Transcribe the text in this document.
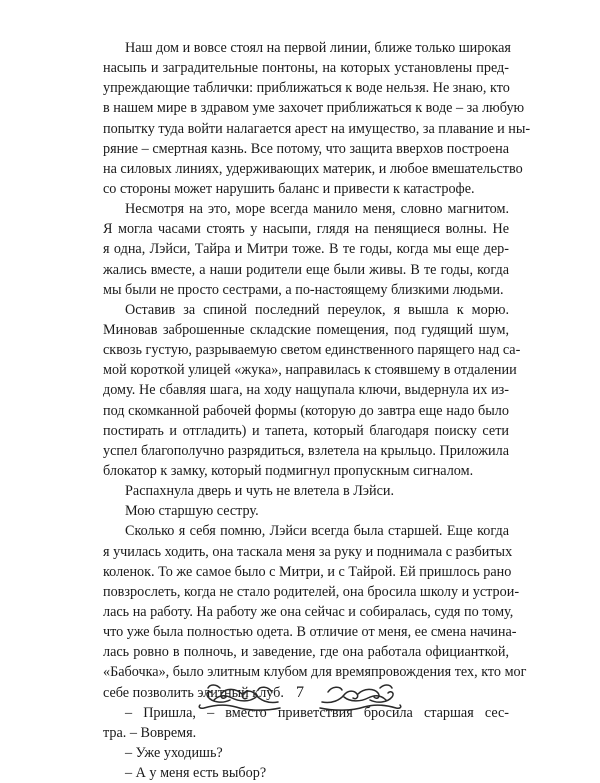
Наш дом и вовсе стоял на первой линии, ближе только широкая
насыпь и заградительные понтоны, на которых установлены пред-
упреждающие таблички: приближаться к воде нельзя. Не знаю, кто
в нашем мире в здравом уме захочет приближаться к воде – за любую
попытку туда войти налагается арест на имущество, за плавание и ны-
ряние – смертная казнь. Все потому, что защита вверхов построена
на силовых линиях, удерживающих материк, и любое вмешательство
со стороны может нарушить баланс и привести к катастрофе.
Несмотря на это, море всегда манило меня, словно магнитом.
Я могла часами стоять у насыпи, глядя на пенящиеся волны. Не
я одна, Лэйси, Тайра и Митри тоже. В те годы, когда мы еще дер-
жались вместе, а наши родители еще были живы. В те годы, когда
мы были не просто сестрами, а по-настоящему близкими людьми.
Оставив за спиной последний переулок, я вышла к морю.
Миновав заброшенные складские помещения, под гудящий шум,
сквозь густую, разрываемую светом единственного парящего над са-
мой короткой улицей «жука», направилась к стоявшему в отдалении
дому. Не сбавляя шага, на ходу нащупала ключи, выдернула их из-
под скомканной рабочей формы (которую до завтра еще надо было
постирать и отгладить) и тапета, который благодаря поиску сети
успел благополучно разрядиться, взлетела на крыльцо. Приложила
блокатор к замку, который подмигнул пропускным сигналом.
Распахнула дверь и чуть не влетела в Лэйси.
Мою старшую сестру.
Сколько я себя помню, Лэйси всегда была старшей. Еще когда
я училась ходить, она таскала меня за руку и поднимала с разбитых
коленок. То же самое было с Митри, и с Тайрой. Ей пришлось рано
повзрослеть, когда не стало родителей, она бросила школу и устрои-
лась на работу. На работу же она сейчас и собиралась, судя по тому,
что уже была полностью одета. В отличие от меня, ее смена начина-
лась ровно в полночь, и заведение, где она работала официанткой,
«Бабочка», было элитным клубом для времяпровождения тех, кто мог
себе позволить элитный клуб.
– Пришла, – вместо приветствия бросила старшая сес-
тра. – Вовремя.
– Уже уходишь?
– А у меня есть выбор?
7
